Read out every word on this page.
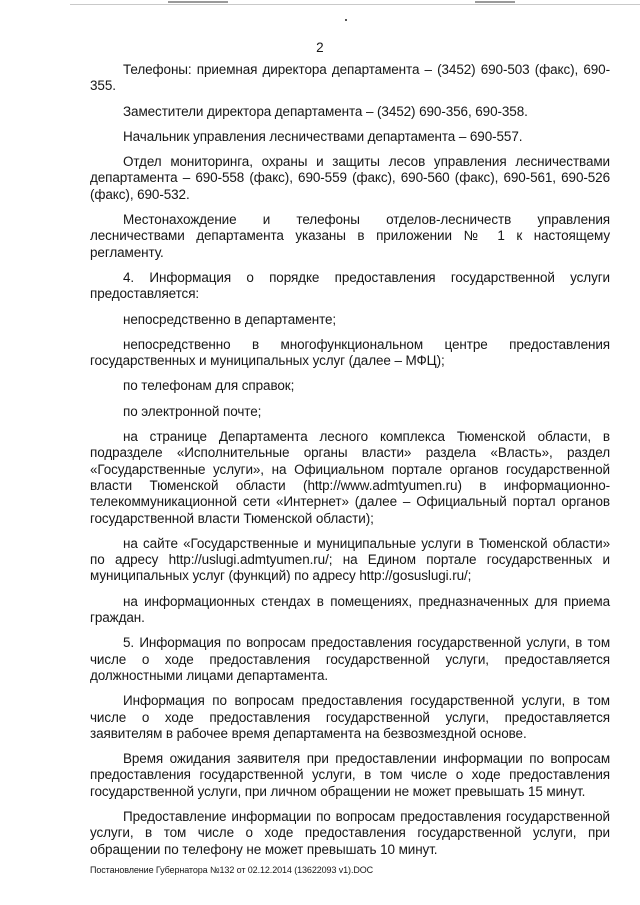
2

Телефоны: приемная директора департамента – (3452) 690-503 (факс), 690-355.

Заместители директора департамента – (3452) 690-356, 690-358.

Начальник управления лесничествами департамента – 690-557.

Отдел мониторинга, охраны и защиты лесов управления лесничествами департамента – 690-558 (факс), 690-559 (факс), 690-560 (факс), 690-561, 690-526 (факс), 690-532.

Местонахождение и телефоны отделов-лесничеств управления лесничествами департамента указаны в приложении № 1 к настоящему регламенту.

4. Информация о порядке предоставления государственной услуги предоставляется:

непосредственно в департаменте;

непосредственно в многофункциональном центре предоставления государственных и муниципальных услуг (далее – МФЦ);

по телефонам для справок;

по электронной почте;

на странице Департамента лесного комплекса Тюменской области, в подразделе «Исполнительные органы власти» раздела «Власть», раздел «Государственные услуги», на Официальном портале органов государственной власти Тюменской области (http://www.admtyumen.ru) в информационно-телекоммуникационной сети «Интернет» (далее – Официальный портал органов государственной власти Тюменской области);

на сайте «Государственные и муниципальные услуги в Тюменской области» по адресу http://uslugi.admtyumen.ru/; на Едином портале государственных и муниципальных услуг (функций) по адресу http://gosuslugi.ru/;

на информационных стендах в помещениях, предназначенных для приема граждан.

5. Информация по вопросам предоставления государственной услуги, в том числе о ходе предоставления государственной услуги, предоставляется должностными лицами департамента.

Информация по вопросам предоставления государственной услуги, в том числе о ходе предоставления государственной услуги, предоставляется заявителям в рабочее время департамента на безвозмездной основе.

Время ожидания заявителя при предоставлении информации по вопросам предоставления государственной услуги, в том числе о ходе предоставления государственной услуги, при личном обращении не может превышать 15 минут.

Предоставление информации по вопросам предоставления государственной услуги, в том числе о ходе предоставления государственной услуги, при обращении по телефону не может превышать 10 минут.

Постановление Губернатора №132 от 02.12.2014 (13622093 v1).DOC
